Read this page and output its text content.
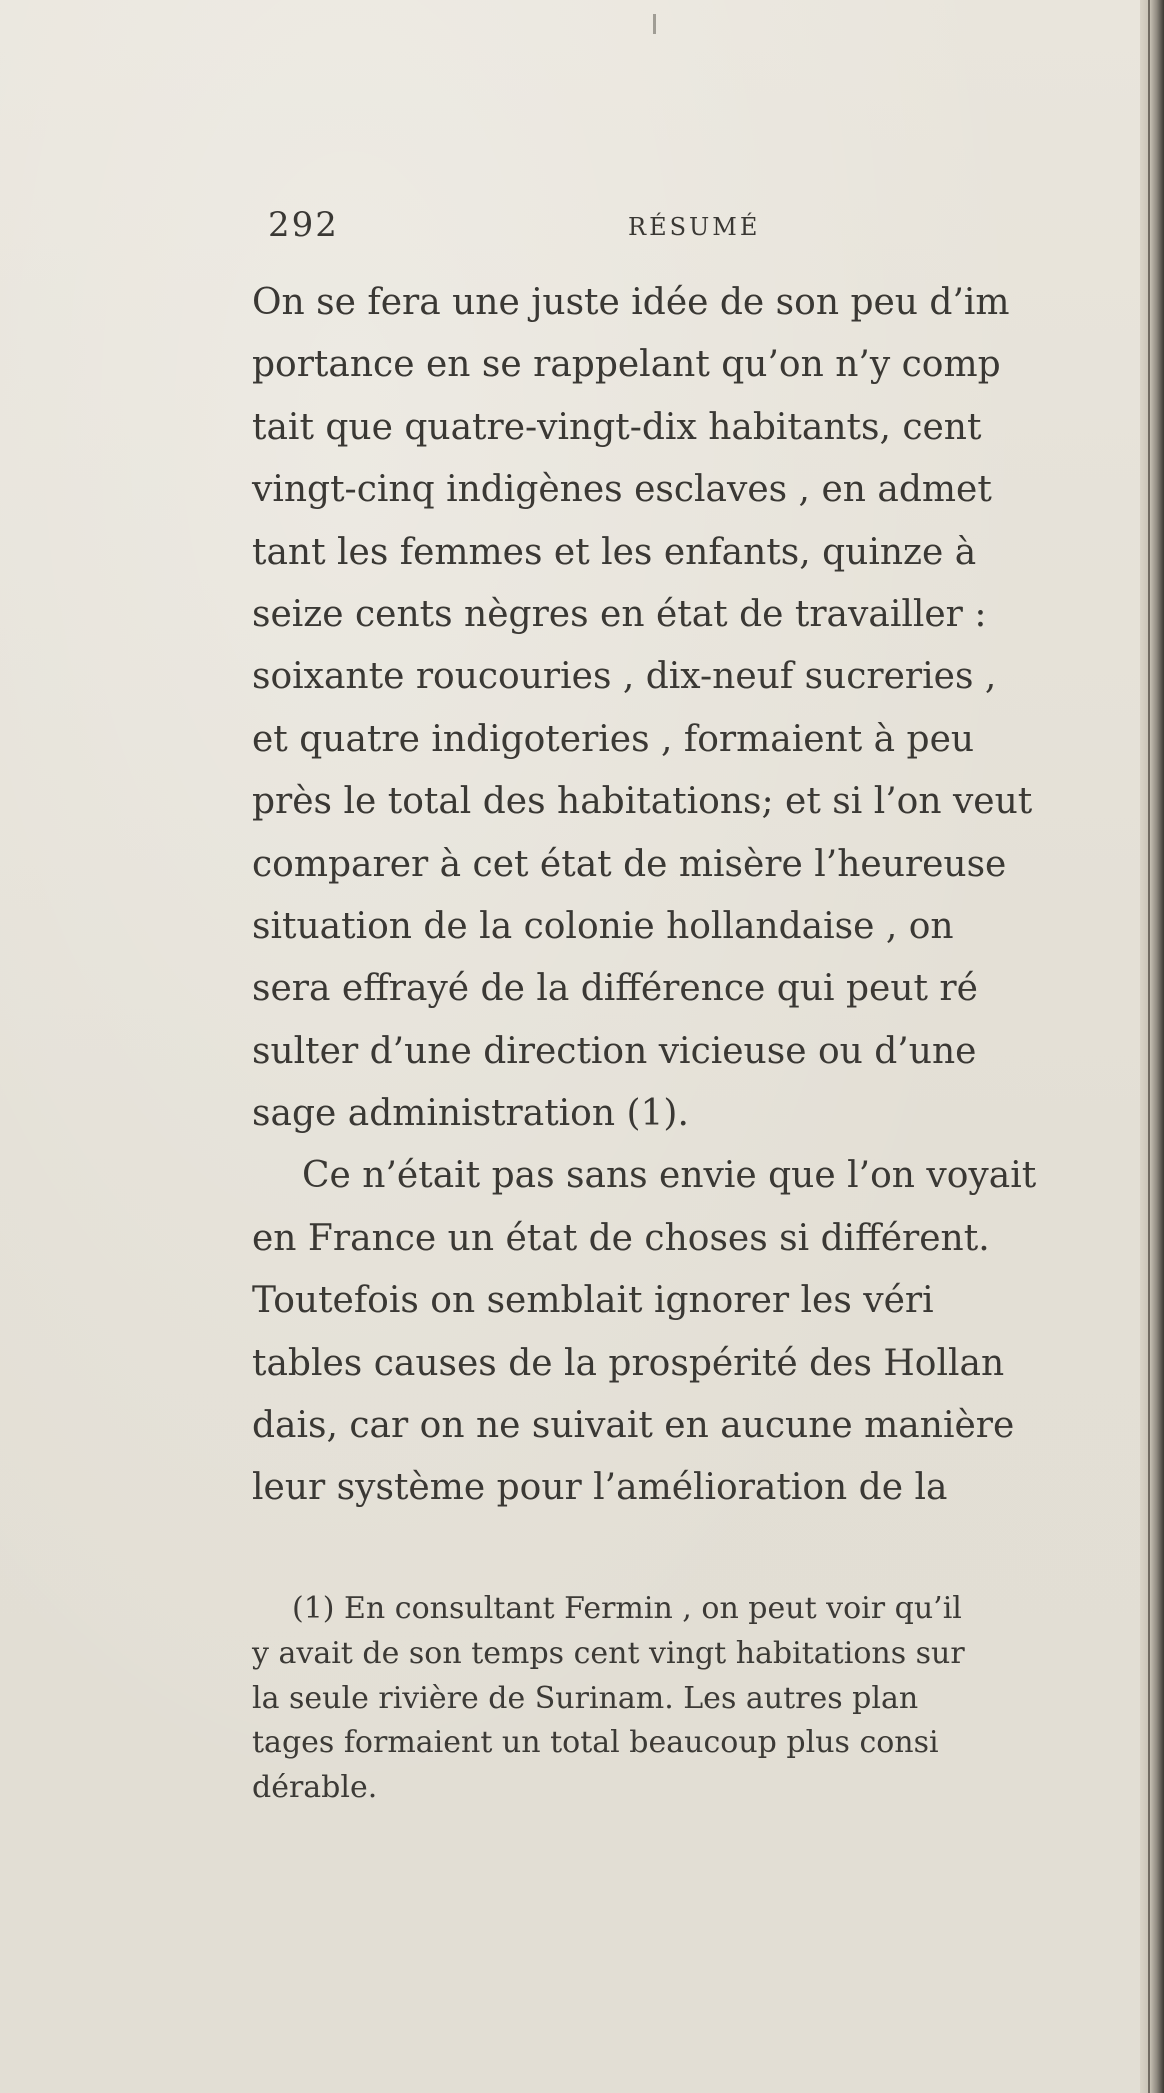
292	RÉSUMÉ
On se fera une juste idée de son peu d’im
portance en se rappelant qu’on n’y comp
tait que quatre-vingt-dix habitants, cent
vingt-cinq indigènes esclaves , en admet
tant les femmes et les enfants, quinze à
seize cents nègres en état de travailler :
soixante roucouries , dix-neuf sucreries ,
et quatre indigoteries , formaient à peu
près le total des habitations; et si l’on veut
comparer à cet état de misère l’heureuse
situation de la colonie hollandaise , on
sera effrayé de la différence qui peut ré
sulter d’une direction vicieuse ou d’une
sage administration (1).
Ce n’était pas sans envie que l’on voyait
en France un état de choses si différent.
Toutefois on semblait ignorer les véri
tables causes de la prospérité des Hollan
dais, car on ne suivait en aucune manière
leur système pour l’amélioration de la
(1) En consultant Fermin , on peut voir qu’il
y avait de son temps cent vingt habitations sur
la seule rivière de Surinam. Les autres plan
tages formaient un total beaucoup plus consi
dérable.
